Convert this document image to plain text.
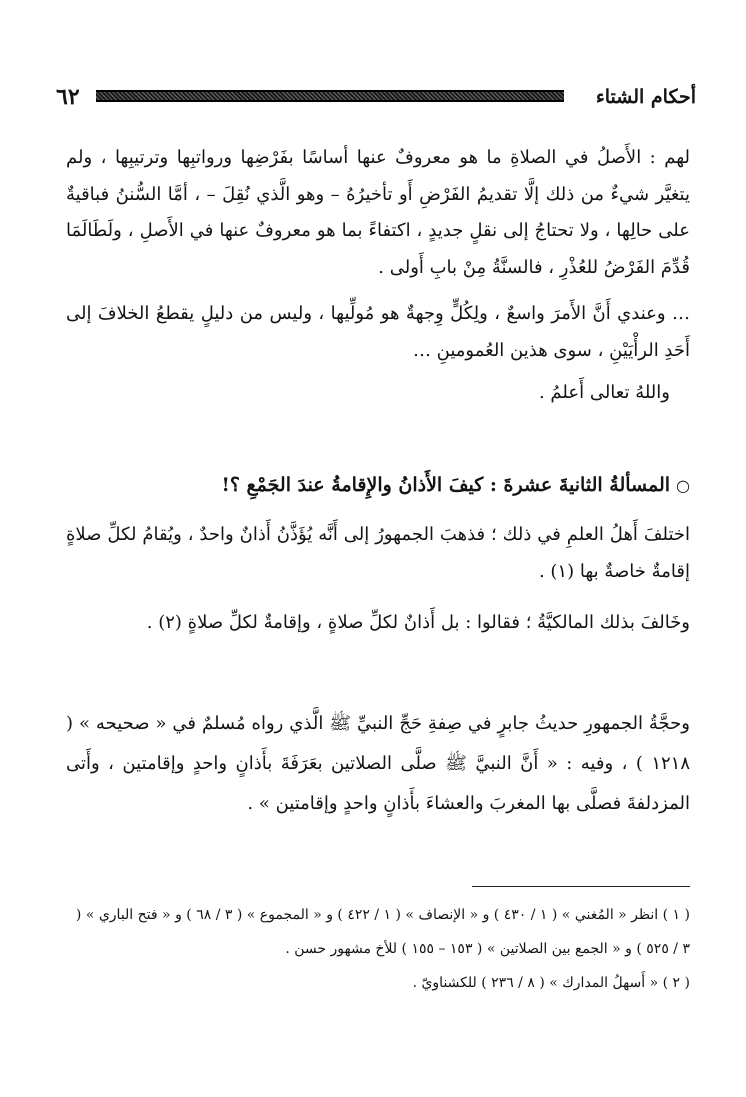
٦٢	أحكام الشتاء

لهم : الأَصلُ في الصلاةِ ما هو معروفٌ عنها أساسًا بفَرْضِها ورواتبِها وترتيبِها ، ولم يتغيَّر شيءٌ من ذلك إلَّا تقديمُ الفَرْضِ أَو تأخيرُهُ – وهو الَّذي نُقِلَ – ، أمَّا السُّننُ فباقيةٌ على حالِها ، ولا تحتاجُ إلى نقلٍ جديدٍ ، اكتفاءً بما هو معروفٌ عنها في الأَصلِ ، ولَطَالَمَا قُدِّمَ الفَرْضُ للعُذْرِ ، فالسنَّةُ مِنْ بابِ أَولى .

… وعندي أَنَّ الأَمرَ واسعٌ ، ولِكُلٍّ وِجهةٌ هو مُولِّيها ، وليس من دليلٍ يقطعُ الخلافَ إلى أَحَدِ الرأْيَيْنِ ، سوى هذين العُمومينِ …

واللهُ تعالى أَعلمُ .

○المسألةُ الثانيةَ عشرةَ : كيفَ الأَذانُ والإِقامةُ عندَ الجَمْعِ ؟!

اختلفَ أَهلُ العلمِ في ذلك ؛ فذهبَ الجمهورُ إلى أَنَّه يُؤَذَّنُ أَذانٌ واحدٌ ، ويُقامُ لكلِّ صلاةٍ إقامةٌ خاصةٌ بها (١) .

وخَالفَ بذلك المالكيَّةُ ؛ فقالوا : بل أَذانٌ لكلِّ صلاةٍ ، وإقامةٌ لكلِّ صلاةٍ (٢) .

وحجَّةُ الجمهورِ حديثُ جابرٍ في صِفةِ حَجِّ النبيِّ ﷺ الَّذي رواه مُسلمٌ في « صحيحه » ( ١٢١٨ ) ، وفيه : « أَنَّ النبيَّ ﷺ صلَّى الصلاتين بعَرَفَةَ بأَذانٍ واحدٍ وإقامتين ، وأَتى المزدلفةَ فصلَّى بها المغربَ والعشاءَ بأَذانٍ واحدٍ وإقامتين » .

( ١ ) انظر « المُغني » ( ١ / ٤٣٠ ) و « الإنصاف » ( ١ / ٤٢٢ ) و « المجموع » ( ٣ / ٦٨ ) و « فتح الباري » ( ٣ / ٥٢٥ ) و « الجمع بين الصلاتين » ( ١٥٣ – ١٥٥ ) للأخ مشهور حسن .

( ٢ ) « أَسهلُ المدارك » ( ٨ / ٢٣٦ ) للكشناويّ .
